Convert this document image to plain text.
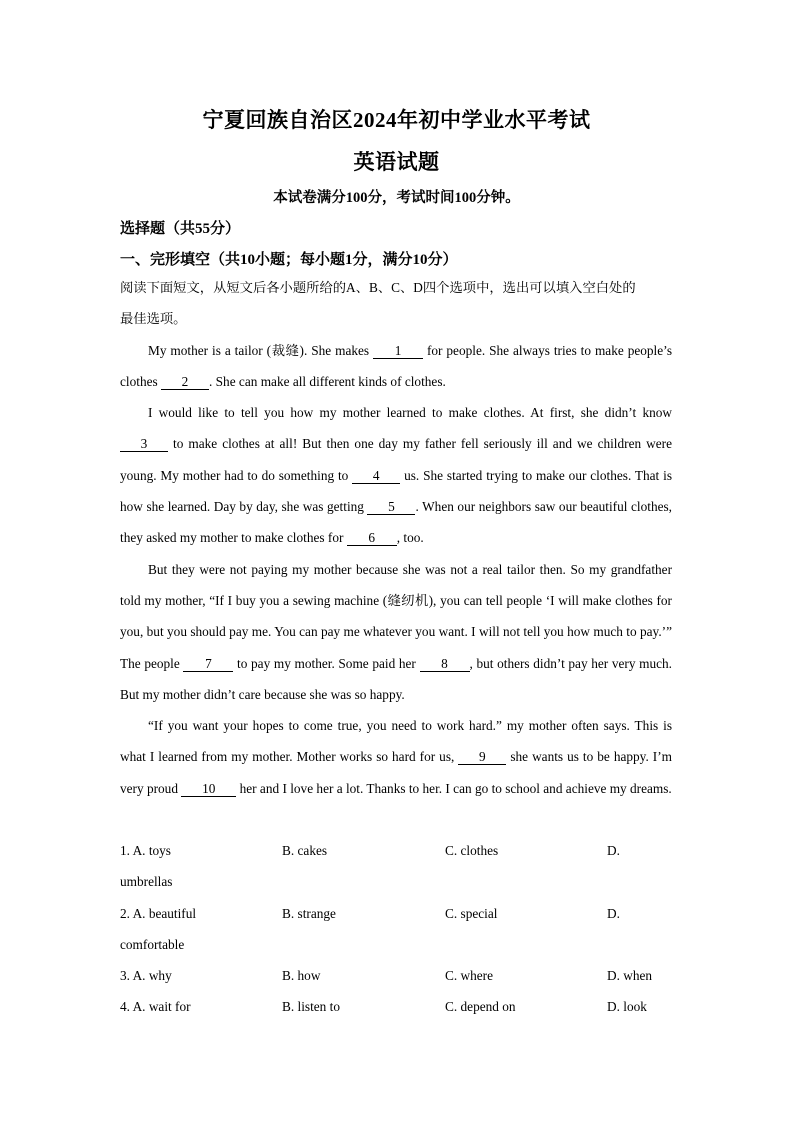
宁夏回族自治区2024年初中学业水平考试
英语试题
本试卷满分100分，考试时间100分钟。
选择题（共55分）
一、完形填空（共10小题；每小题1分，满分10分）

阅读下面短文，从短文后各小题所给的A、B、C、D四个选项中，选出可以填入空白处的
最佳选项。

My mother is a tailor (裁缝). She makes 1 for people. She always tries to make people’s clothes 2 . She can make all different kinds of clothes.

I would like to tell you how my mother learned to make clothes. At first, she didn’t know 3 to make clothes at all! But then one day my father fell seriously ill and we children were young. My mother had to do something to 4 us. She started trying to make our clothes. That is how she learned. Day by day, she was getting 5 . When our neighbors saw our beautiful clothes, they asked my mother to make clothes for 6 , too.

But they were not paying my mother because she was not a real tailor then. So my grandfather told my mother, “If I buy you a sewing machine (缝纫机), you can tell people ‘I will make clothes for you, but you should pay me. You can pay me whatever you want. I will not tell you how much to pay.’” The people 7 to pay my mother. Some paid her 8 , but others didn’t pay her very much. But my mother didn’t care because she was so happy.

“If you want your hopes to come true, you need to work hard.” my mother often says. This is what I learned from my mother. Mother works so hard for us, 9 she wants us to be happy. I’m very proud 10 her and I love her a lot. Thanks to her. I can go to school and achieve my dreams.

1. A. toys	B. cakes	C. clothes	D.
umbrellas
2. A. beautiful	B. strange	C. special	D.
comfortable
3. A. why	B. how	C. where	D. when
4. A. wait for	B. listen to	C. depend on	D. look
